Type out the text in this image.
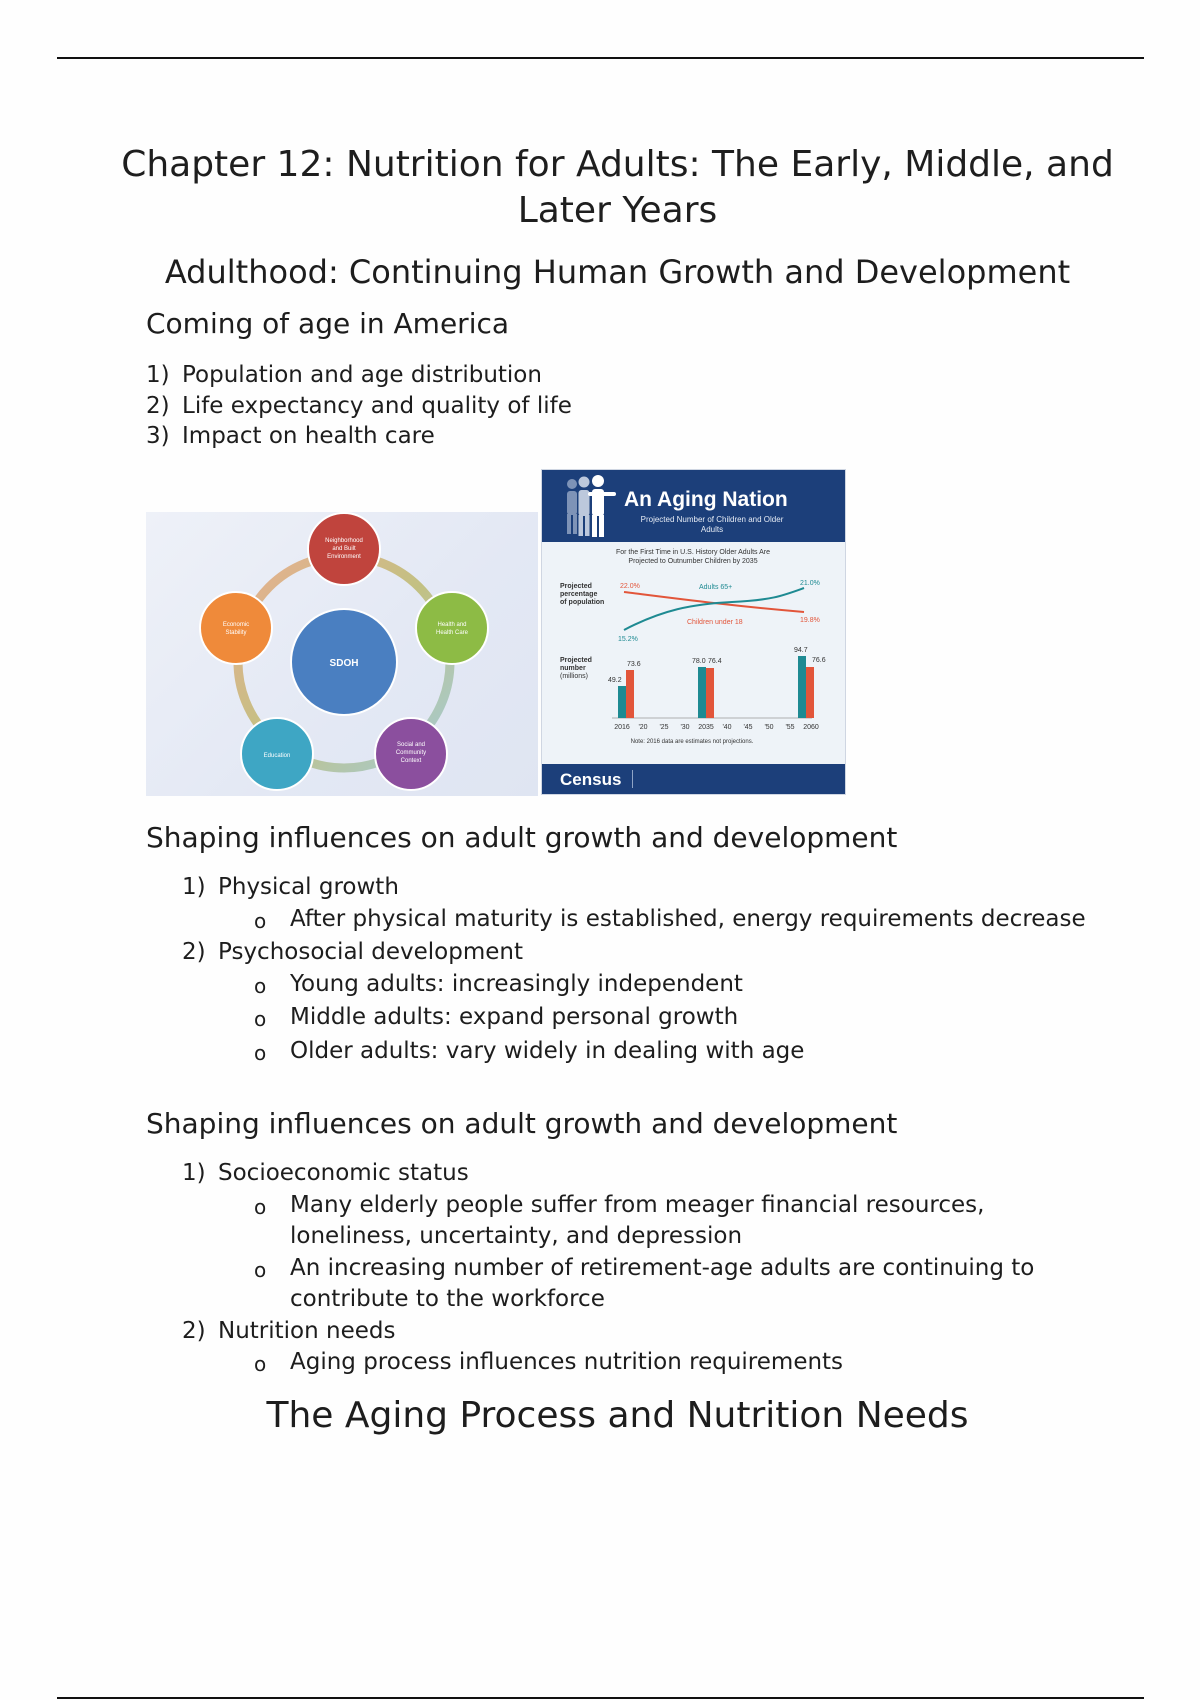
Chapter 12: Nutrition for Adults: The Early, Middle, and Later Years
Adulthood: Continuing Human Growth and Development
Coming of age in America
1) Population and age distribution
2) Life expectancy and quality of life
3) Impact on health care
SDOH
Neighborhood
and Built
Environment
Health and
Health Care
Social and
Community
Context
Education
Economic
Stability
An Aging Nation
Projected Number of Children and Older Adults
For the First Time in U.S. History Older Adults Are
Projected to Outnumber Children by 2035
Projected
percentage
of population
22.0%
15.2%
21.0%
19.8%
Adults 65+
Children under 18
Projected
number
(millions)
49.2
73.6	78.0 76.4
94.7
76.6
2016 '20 '25 '30 2035 '40 '45 '50 '55 2060
Note: 2016 data are estimates not projections.
Census
Shaping influences on adult growth and development
1) Physical growth
o	After physical maturity is established, energy requirements decrease
2) Psychosocial development
o	Young adults: increasingly independent
o	Middle adults: expand personal growth
o	Older adults: vary widely in dealing with age
Shaping influences on adult growth and development
1) Socioeconomic status
o	Many elderly people suffer from meager financial resources, loneliness, uncertainty, and depression
o	An increasing number of retirement-age adults are continuing to contribute to the workforce
2) Nutrition needs
o	Aging process influences nutrition requirements
The Aging Process and Nutrition Needs
